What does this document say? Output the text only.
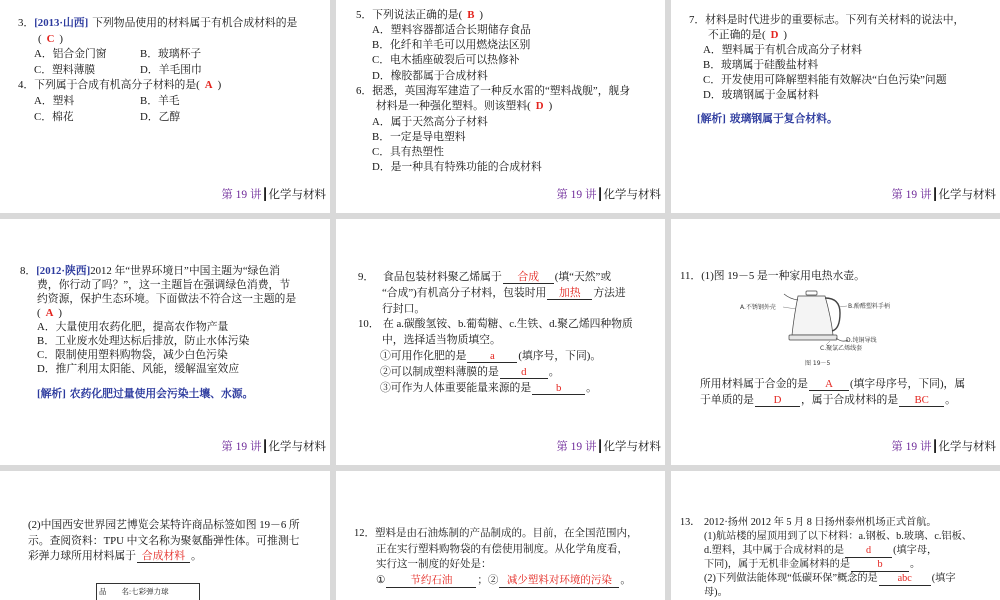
3．[2013·山西] 下列物品使用的材料属于有机合成材料的是
( C )
A．铝合金门窗	B．玻璃杯子
C．塑料薄膜	D．羊毛围巾
4．下列属于合成有机高分子材料的是( A )
A．塑料	B．羊毛
C．棉花	D．乙醇
第 19 讲┃化学与材料
5．下列说法正确的是( B )
A．塑料容器都适合长期储存食品
B．化纤和羊毛可以用燃烧法区别
C．电木插座破裂后可以热修补
D．橡胶都属于合成材料
6．据悉，英国海军建造了一种反水雷的“塑料战舰”，舰身
材料是一种强化塑料。则该塑料( D )
A．属于天然高分子材料
B．一定是导电塑料
C．具有热塑性
D．是一种具有特殊功能的合成材料
第 19 讲┃化学与材料
7．材料是时代进步的重要标志。下列有关材料的说法中，
不正确的是( D )
A．塑料属于有机合成高分子材料
B．玻璃属于硅酸盐材料
C．开发使用可降解塑料能有效解决“白色污染”问题
D．玻璃钢属于金属材料
[解析] 玻璃钢属于复合材料。
第 19 讲┃化学与材料
8．[2012·陕西]2012 年“世界环境日”中国主题为“绿色消
费，你行动了吗？”，这一主题旨在强调绿色消费，节
约资源，保护生态环境。下面做法不符合这一主题的是
( A )
A．大量使用农药化肥，提高农作物产量
B．工业废水处理达标后排放，防止水体污染
C．限制使用塑料购物袋，减少白色污染
D．推广利用太阳能、风能，缓解温室效应
[解析] 农药化肥过量使用会污染土壤、水源。
第 19 讲┃化学与材料
9． 食品包装材料聚乙烯属于 合成 (填“天然”或
“合成”)有机高分子材料，包装时用 加热 方法进
行封口。
10． 在 a.碳酸氢铵、b.葡萄糖、c.生铁、d.聚乙烯四种物质
中，选择适当物质填空。
①可用作化肥的是 a (填序号，下同)。
②可以制成塑料薄膜的是 d 。
③可作为人体重要能量来源的是 b 。
第 19 讲┃化学与材料
11．(1)图 19－5 是一种家用电热水壶。
A.不锈钢外壳	B.酚醛塑料手柄
D.纯铜导线
C.聚氯乙烯线套
图 19－5
所用材料属于合金的是 A (填字母序号，下同)，属
于单质的是 D ，属于合成材料的是 BC 。
第 19 讲┃化学与材料
(2)中国西安世界园艺博览会某特许商品标签如图 19－6 所
示。查阅资料：TPU 中文名称为聚氨酯弹性体。可推测七
彩弹力球所用材料属于 合成材料 。
品　　名:七彩弹力球
12．塑料是由石油炼制的产品制成的。目前，在全国范围内，
正在实行塑料购物袋的有偿使用制度。从化学角度看，
实行这一制度的好处是：
① 节约石油 ；② 减少塑料对环境的污染 。
13． 2012·扬州 2012 年 5 月 8 日扬州泰州机场正式首航。
(1)航站楼的屋顶用到了以下材料：a.钢板、b.玻璃、c.铝板、
d.塑料，其中属于合成材料的是 d (填字母，
下同)，属于无机非金属材料的是	b	。
(2)下列做法能体现“低碳环保”概念的是 abc (填字
母)。
